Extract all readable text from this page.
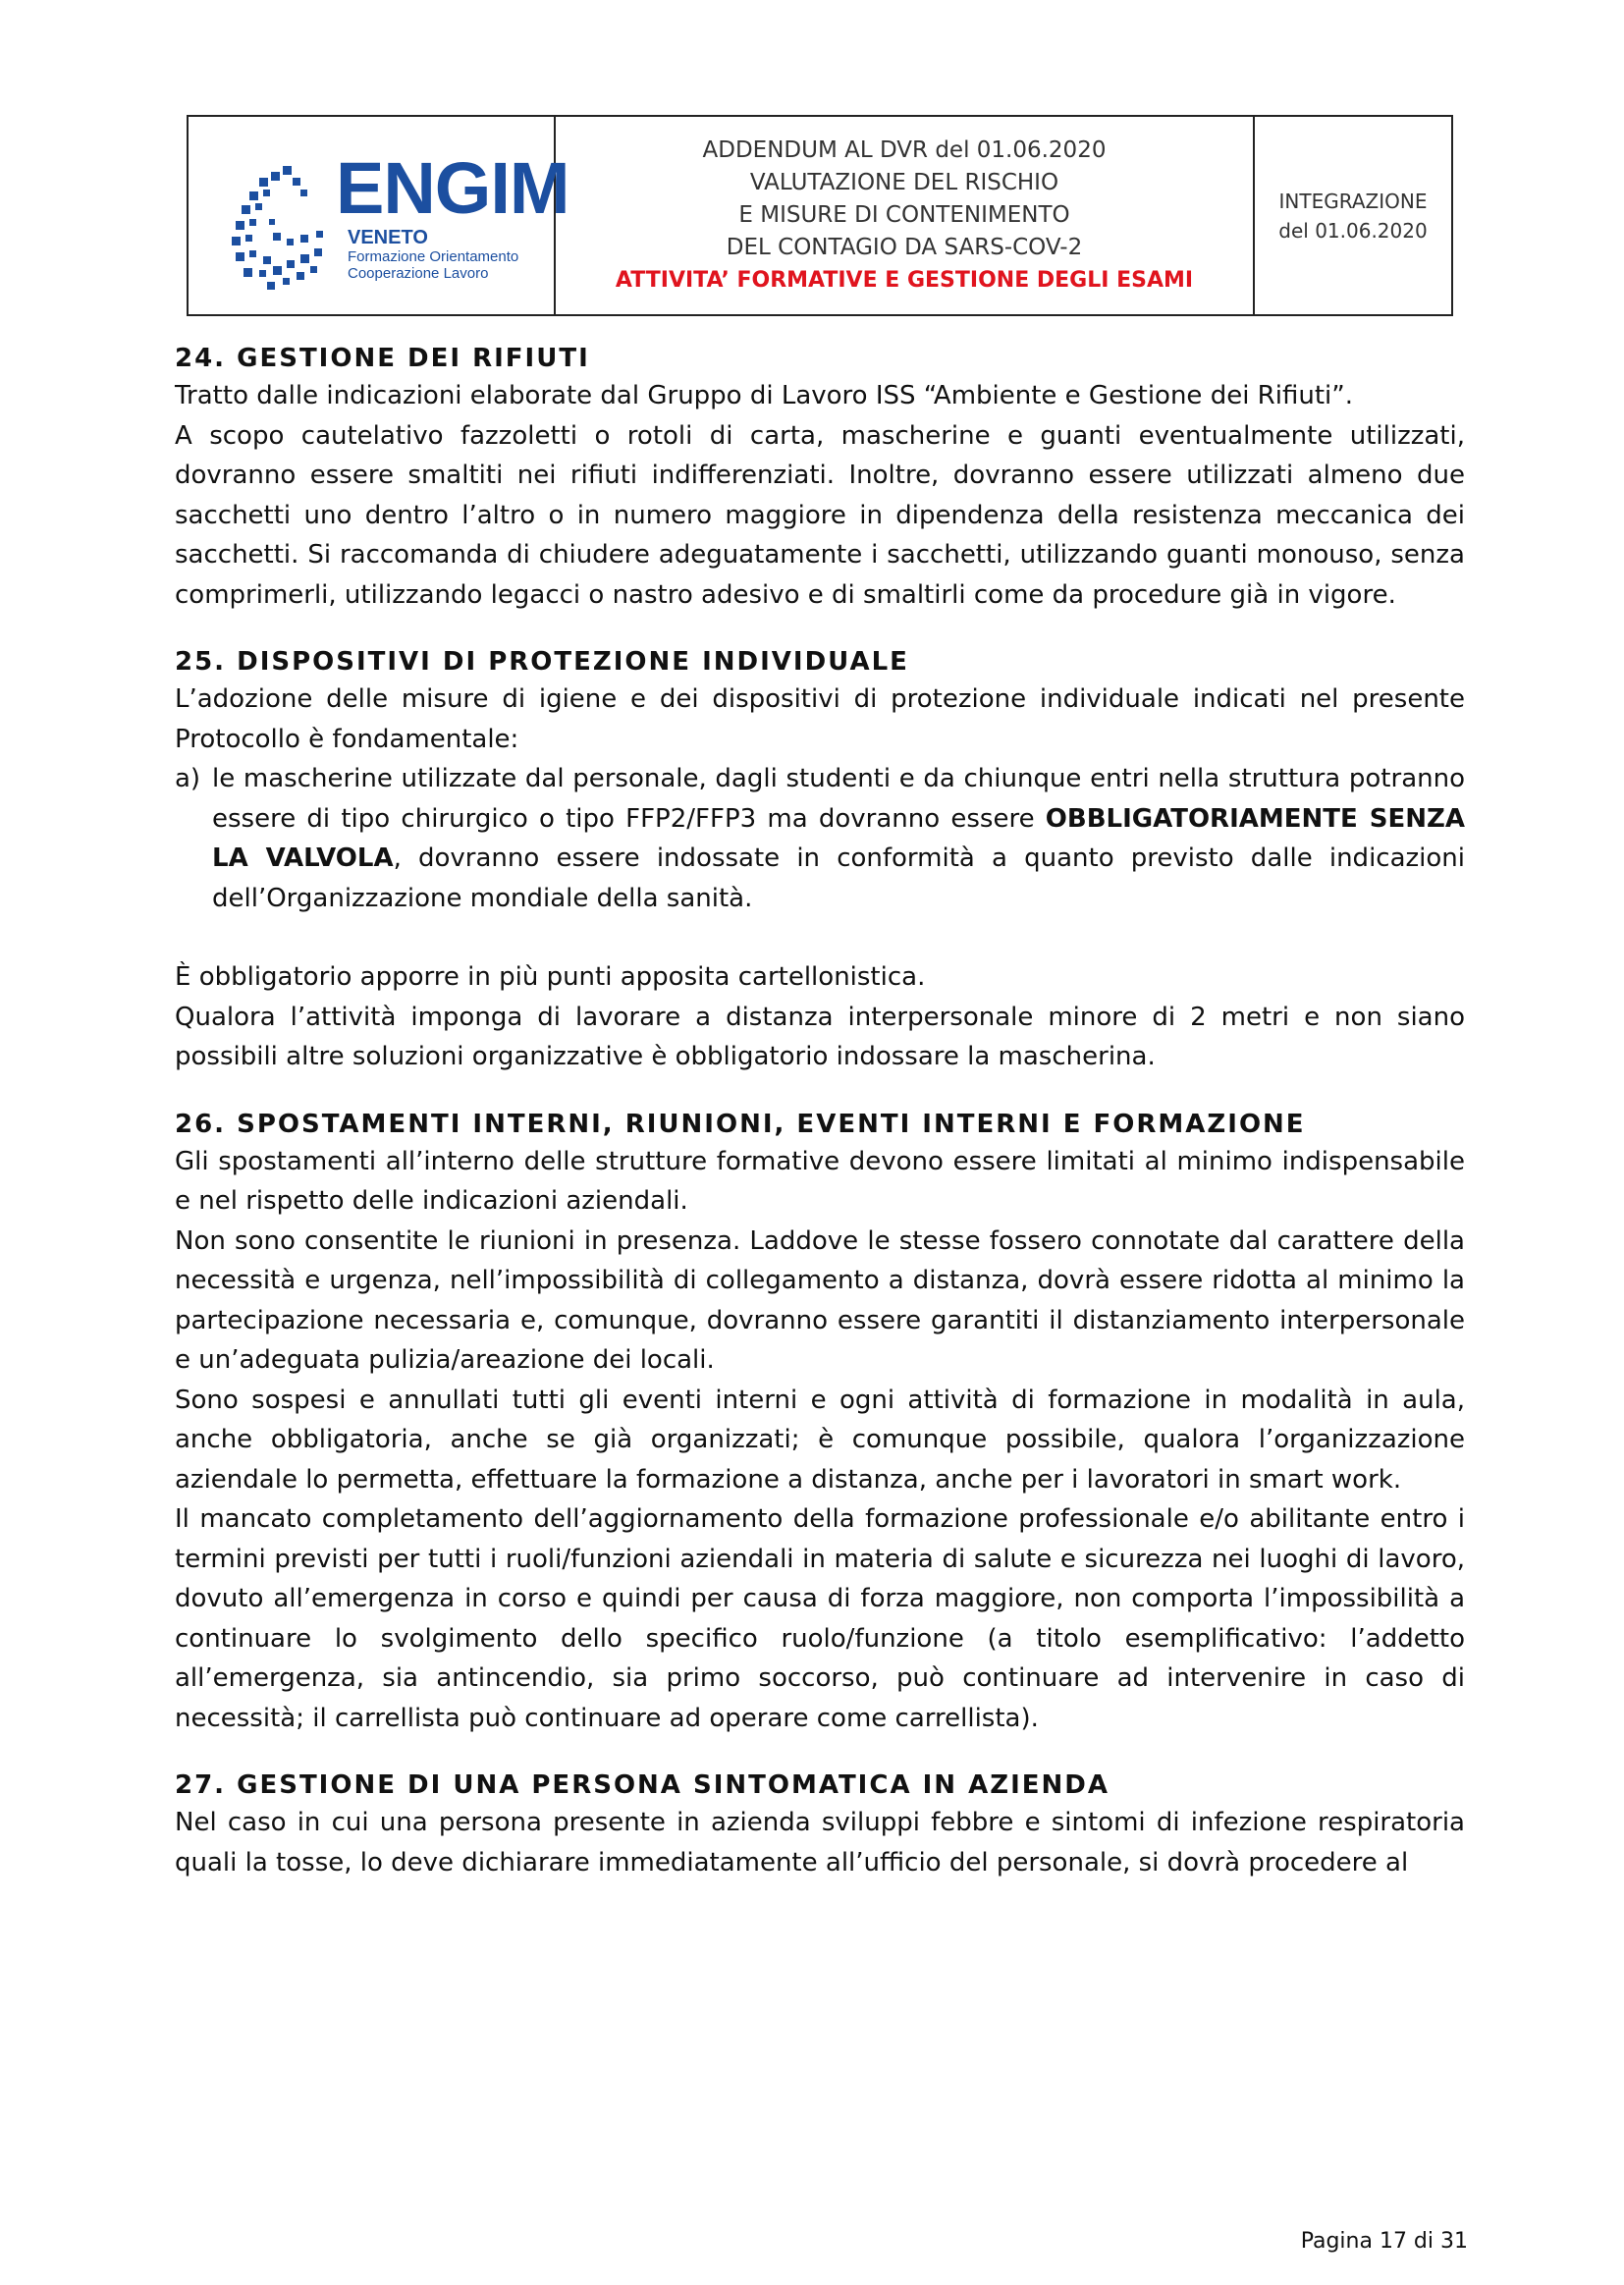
ENGIM
VENETO
Formazione Orientamento
Cooperazione Lavoro
ADDENDUM AL DVR del 01.06.2020
VALUTAZIONE DEL RISCHIO
E MISURE DI CONTENIMENTO
DEL CONTAGIO DA SARS-COV-2
ATTIVITA’ FORMATIVE E GESTIONE DEGLI ESAMI
INTEGRAZIONE
del 01.06.2020
24. GESTIONE DEI RIFIUTI

Tratto dalle indicazioni elaborate dal Gruppo di Lavoro ISS “Ambiente e Gestione dei Rifiuti”.

A scopo cautelativo fazzoletti o rotoli di carta, mascherine e guanti eventualmente utilizzati, dovranno essere smaltiti nei rifiuti indifferenziati. Inoltre, dovranno essere utilizzati almeno due sacchetti uno dentro l’altro o in numero maggiore in dipendenza della resistenza meccanica dei sacchetti. Si raccomanda di chiudere adeguatamente i sacchetti, utilizzando guanti monouso, senza comprimerli, utilizzando legacci o nastro adesivo e di smaltirli come da procedure già in vigore.

25. DISPOSITIVI DI PROTEZIONE INDIVIDUALE

L’adozione delle misure di igiene e dei dispositivi di protezione individuale indicati nel presente Protocollo è fondamentale:

a) le mascherine utilizzate dal personale, dagli studenti e da chiunque entri nella struttura potranno essere di tipo chirurgico o tipo FFP2/FFP3 ma dovranno essere OBBLIGATORIAMENTE SENZA LA VALVOLA, dovranno essere indossate in conformità a quanto previsto dalle indicazioni dell’Organizzazione mondiale della sanità.

È obbligatorio apporre in più punti apposita cartellonistica.

Qualora l’attività imponga di lavorare a distanza interpersonale minore di 2 metri e non siano possibili altre soluzioni organizzative è obbligatorio indossare la mascherina.

26. SPOSTAMENTI INTERNI, RIUNIONI, EVENTI INTERNI E FORMAZIONE

Gli spostamenti all’interno delle strutture formative devono essere limitati al minimo indispensabile e nel rispetto delle indicazioni aziendali.

Non sono consentite le riunioni in presenza. Laddove le stesse fossero connotate dal carattere della necessità e urgenza, nell’impossibilità di collegamento a distanza, dovrà essere ridotta al minimo la partecipazione necessaria e, comunque, dovranno essere garantiti il distanziamento interpersonale e un’adeguata pulizia/areazione dei locali.

Sono sospesi e annullati tutti gli eventi interni e ogni attività di formazione in modalità in aula, anche obbligatoria, anche se già organizzati; è comunque possibile, qualora l’organizzazione aziendale lo permetta, effettuare la formazione a distanza, anche per i lavoratori in smart work.

Il mancato completamento dell’aggiornamento della formazione professionale e/o abilitante entro i termini previsti per tutti i ruoli/funzioni aziendali in materia di salute e sicurezza nei luoghi di lavoro, dovuto all’emergenza in corso e quindi per causa di forza maggiore, non comporta l’impossibilità a continuare lo svolgimento dello specifico ruolo/funzione (a titolo esemplificativo: l’addetto all’emergenza, sia antincendio, sia primo soccorso, può continuare ad intervenire in caso di necessità; il carrellista può continuare ad operare come carrellista).

27. GESTIONE DI UNA PERSONA SINTOMATICA IN AZIENDA

Nel caso in cui una persona presente in azienda sviluppi febbre e sintomi di infezione respiratoria quali la tosse, lo deve dichiarare immediatamente all’ufficio del personale, si dovrà procedere al

Pagina 17 di 31
